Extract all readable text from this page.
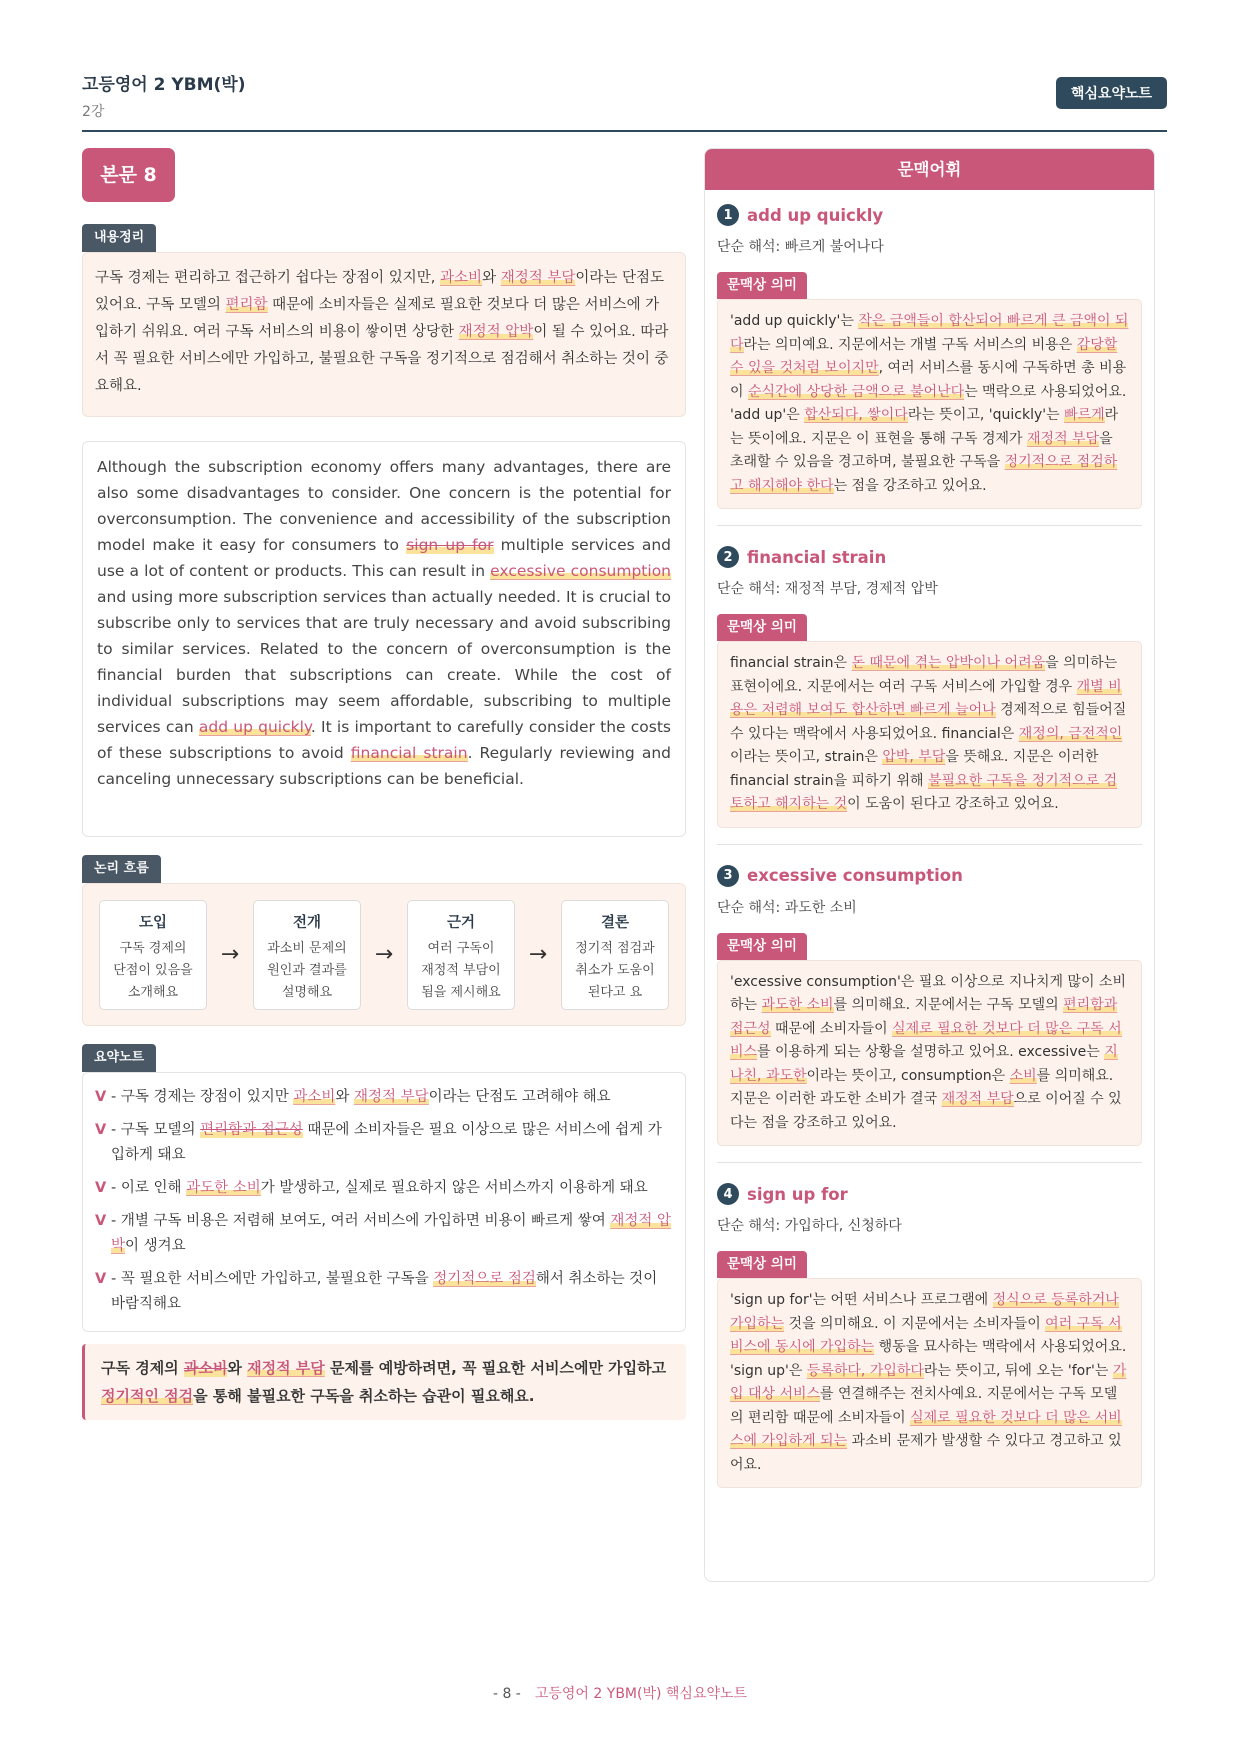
고등영어 2 YBM(박)
2강
핵심요약노트
본문 8
내용정리
구독 경제는 편리하고 접근하기 쉽다는 장점이 있지만, 과소비와 재정적 부담이라는 단점도 있어요. 구독 모델의 편리함 때문에 소비자들은 실제로 필요한 것보다 더 많은 서비스에 가입하기 쉬워요. 여러 구독 서비스의 비용이 쌓이면 상당한 재정적 압박이 될 수 있어요. 따라서 꼭 필요한 서비스에만 가입하고, 불필요한 구독을 정기적으로 점검해서 취소하는 것이 중요해요.
Although the subscription economy offers many advantages, there are also some disadvantages to consider. One concern is the potential for overconsumption. The convenience and accessibility of the subscription model make it easy for consumers to sign up for multiple services and use a lot of content or products. This can result in excessive consumption and using more subscription services than actually needed. It is crucial to subscribe only to services that are truly necessary and avoid subscribing to similar services. Related to the concern of overconsumption is the financial burden that subscriptions can create. While the cost of individual subscriptions may seem affordable, subscribing to multiple services can add up quickly. It is important to carefully consider the costs of these subscriptions to avoid financial strain. Regularly reviewing and canceling unnecessary subscriptions can be beneficial.
논리 흐름
도입
구독 경제의
단점이 있음을
소개해요
→
전개
과소비 문제의
원인과 결과를
설명해요
→
근거
여러 구독이
재정적 부담이
됨을 제시해요
→
결론
정기적 점검과
취소가 도움이
된다고 요
요약노트
V - 구독 경제는 장점이 있지만 과소비와 재정적 부담이라는 단점도 고려해야 해요
V - 구독 모델의 편리함과 접근성 때문에 소비자들은 필요 이상으로 많은 서비스에 쉽게 가입하게 돼요
V - 이로 인해 과도한 소비가 발생하고, 실제로 필요하지 않은 서비스까지 이용하게 돼요
V - 개별 구독 비용은 저렴해 보여도, 여러 서비스에 가입하면 비용이 빠르게 쌓여 재정적 압박이 생겨요
V - 꼭 필요한 서비스에만 가입하고, 불필요한 구독을 정기적으로 점검해서 취소하는 것이 바람직해요
구독 경제의 과소비와 재정적 부담 문제를 예방하려면, 꼭 필요한 서비스에만 가입하고 정기적인 점검을 통해 불필요한 구독을 취소하는 습관이 필요해요.
문맥어휘
1 add up quickly
단순 해석: 빠르게 불어나다
문맥상 의미
'add up quickly'는 작은 금액들이 합산되어 빠르게 큰 금액이 되다라는 의미예요. 지문에서는 개별 구독 서비스의 비용은 감당할 수 있을 것처럼 보이지만, 여러 서비스를 동시에 구독하면 총 비용이 순식간에 상당한 금액으로 불어난다는 맥락으로 사용되었어요. 'add up'은 합산되다, 쌓이다라는 뜻이고, 'quickly'는 빠르게라는 뜻이에요. 지문은 이 표현을 통해 구독 경제가 재정적 부담을 초래할 수 있음을 경고하며, 불필요한 구독을 정기적으로 점검하고 해지해야 한다는 점을 강조하고 있어요.
2 financial strain
단순 해석: 재정적 부담, 경제적 압박
문맥상 의미
financial strain은 돈 때문에 겪는 압박이나 어려움을 의미하는 표현이에요. 지문에서는 여러 구독 서비스에 가입할 경우 개별 비용은 저렴해 보여도 합산하면 빠르게 늘어나 경제적으로 힘들어질 수 있다는 맥락에서 사용되었어요. financial은 재정의, 금전적인이라는 뜻이고, strain은 압박, 부담을 뜻해요. 지문은 이러한 financial strain을 피하기 위해 불필요한 구독을 정기적으로 검토하고 해지하는 것이 도움이 된다고 강조하고 있어요.
3 excessive consumption
단순 해석: 과도한 소비
문맥상 의미
'excessive consumption'은 필요 이상으로 지나치게 많이 소비하는 과도한 소비를 의미해요. 지문에서는 구독 모델의 편리함과 접근성 때문에 소비자들이 실제로 필요한 것보다 더 많은 구독 서비스를 이용하게 되는 상황을 설명하고 있어요. excessive는 지나친, 과도한이라는 뜻이고, consumption은 소비를 의미해요. 지문은 이러한 과도한 소비가 결국 재정적 부담으로 이어질 수 있다는 점을 강조하고 있어요.
4 sign up for
단순 해석: 가입하다, 신청하다
문맥상 의미
'sign up for'는 어떤 서비스나 프로그램에 정식으로 등록하거나 가입하는 것을 의미해요. 이 지문에서는 소비자들이 여러 구독 서비스에 동시에 가입하는 행동을 묘사하는 맥락에서 사용되었어요. 'sign up'은 등록하다, 가입하다라는 뜻이고, 뒤에 오는 'for'는 가입 대상 서비스를 연결해주는 전치사예요. 지문에서는 구독 모델의 편리함 때문에 소비자들이 실제로 필요한 것보다 더 많은 서비스에 가입하게 되는 과소비 문제가 발생할 수 있다고 경고하고 있어요.
- 8 - 고등영어 2 YBM(박) 핵심요약노트
